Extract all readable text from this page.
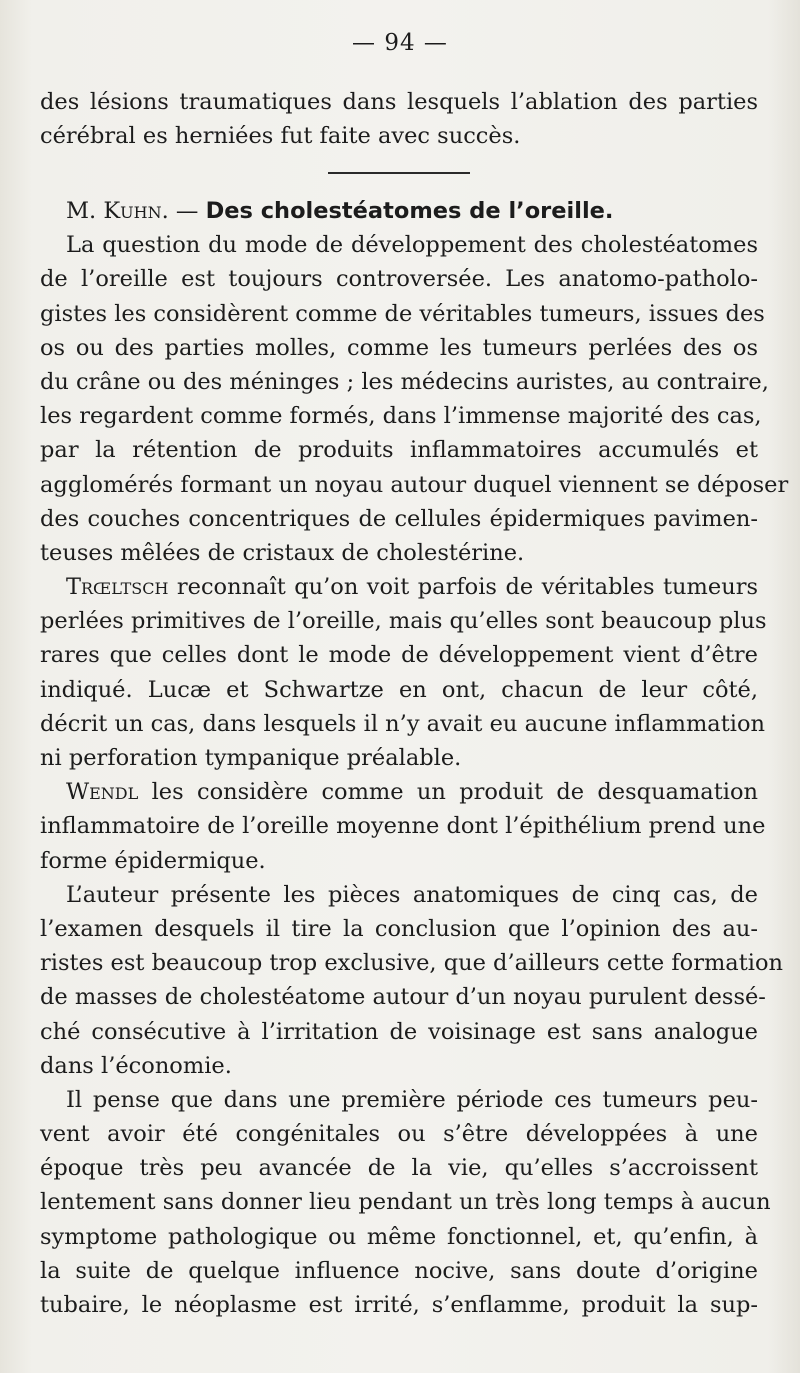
— 94 —
des lésions traumatiques dans lesquels l’ablation des parties
cérébral es herniées fut faite avec succès.
M. Kuhn. — Des cholestéatomes de l’oreille.
La question du mode de développement des cholestéatomes
de l’oreille est toujours controversée. Les anatomo-patholo-
gistes les considèrent comme de véritables tumeurs, issues des
os ou des parties molles, comme les tumeurs perlées des os
du crâne ou des méninges ; les médecins auristes, au contraire,
les regardent comme formés, dans l’immense majorité des cas,
par la rétention de produits inflammatoires accumulés et
agglomérés formant un noyau autour duquel viennent se déposer
des couches concentriques de cellules épidermiques pavimen-
teuses mêlées de cristaux de cholestérine.
Trœltsch reconnaît qu’on voit parfois de véritables tumeurs
perlées primitives de l’oreille, mais qu’elles sont beaucoup plus
rares que celles dont le mode de développement vient d’être
indiqué. Lucæ et Schwartze en ont, chacun de leur côté,
décrit un cas, dans lesquels il n’y avait eu aucune inflammation
ni perforation tympanique préalable.
Wendl les considère comme un produit de desquamation
inflammatoire de l’oreille moyenne dont l’épithélium prend une
forme épidermique.
L’auteur présente les pièces anatomiques de cinq cas, de
l’examen desquels il tire la conclusion que l’opinion des au-
ristes est beaucoup trop exclusive, que d’ailleurs cette formation
de masses de cholestéatome autour d’un noyau purulent dessé-
ché consécutive à l’irritation de voisinage est sans analogue
dans l’économie.
Il pense que dans une première période ces tumeurs peu-
vent avoir été congénitales ou s’être développées à une
époque très peu avancée de la vie, qu’elles s’accroissent
lentement sans donner lieu pendant un très long temps à aucun
symptome pathologique ou même fonctionnel, et, qu’enfin, à
la suite de quelque influence nocive, sans doute d’origine
tubaire, le néoplasme est irrité, s’enflamme, produit la sup-
